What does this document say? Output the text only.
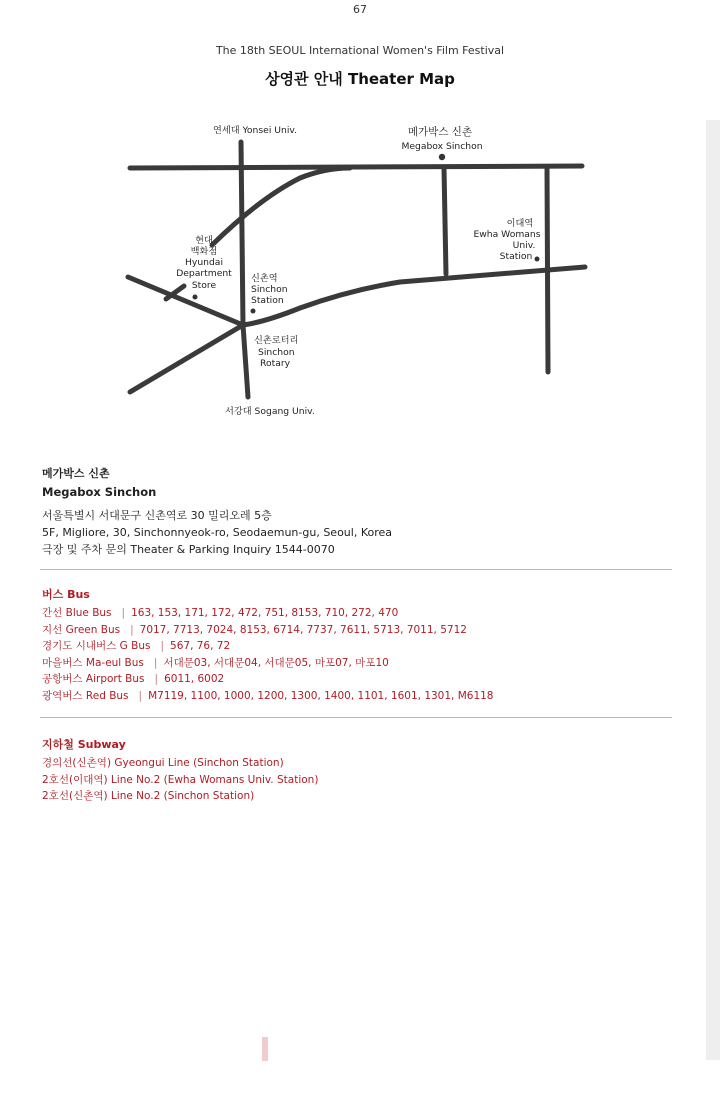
67
The 18th SEOUL International Women's Film Festival
상영관 안내 Theater Map
연세대 Yonsei Univ.	메가박스 신촌
Megabox Sinchon
이대역
Ewha Womans
Univ.
Station
현대
백화점
Hyundai
Department
Store
신촌역
Sinchon
Station
신촌로터리
Sinchon
Rotary
서강대 Sogang Univ.
메가박스 신촌
Megabox Sinchon
서울특별시 서대문구 신촌역로 30 밀리오레 5층
5F, Migliore, 30, Sinchonnyeok-ro, Seodaemun-gu, Seoul, Korea
극장 및 주차 문의 Theater & Parking Inquiry 1544-0070
버스 Bus
간선 Blue Bus | 163, 153, 171, 172, 472, 751, 8153, 710, 272, 470
지선 Green Bus | 7017, 7713, 7024, 8153, 6714, 7737, 7611, 5713, 7011, 5712
경기도 시내버스 G Bus | 567, 76, 72
마을버스 Ma-eul Bus | 서대문03, 서대문04, 서대문05, 마포07, 마포10
공항버스 Airport Bus | 6011, 6002
광역버스 Red Bus | M7119, 1100, 1000, 1200, 1300, 1400, 1101, 1601, 1301, M6118
지하철 Subway
경의선(신촌역) Gyeongui Line (Sinchon Station)
2호선(이대역) Line No.2 (Ewha Womans Univ. Station)
2호선(신촌역) Line No.2 (Sinchon Station)
